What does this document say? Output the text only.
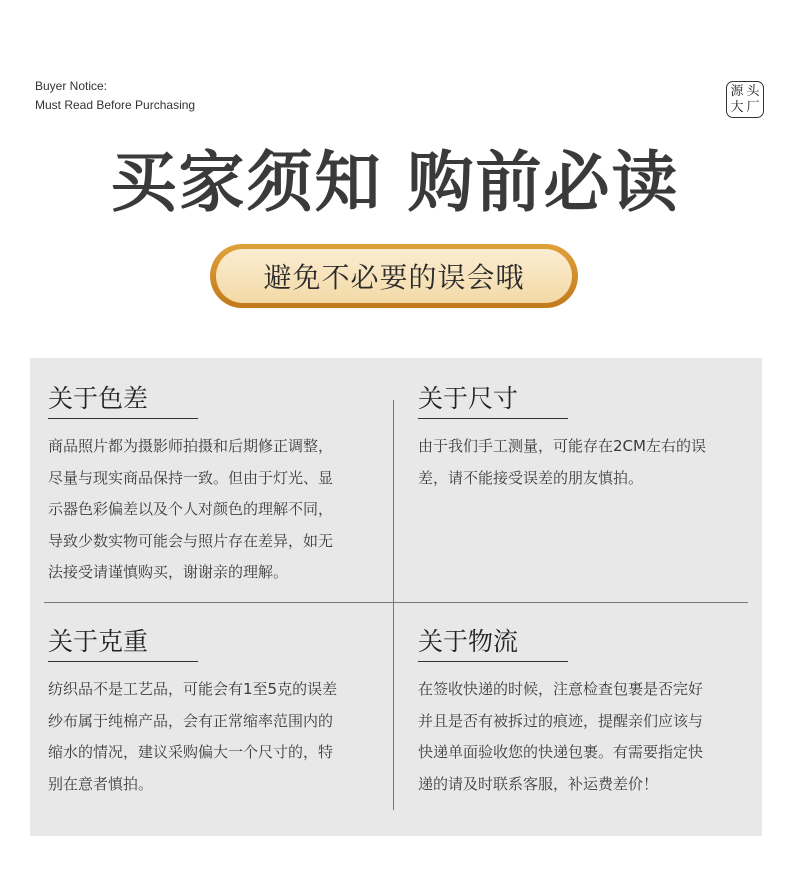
Buyer Notice:
Must Read Before Purchasing
源 头
大 厂
买家须知 购前必读
避免不必要的误会哦
关于色差

商品照片都为摄影师拍摄和后期修正调整，

尽量与现实商品保持一致。但由于灯光、显

示器色彩偏差以及个人对颜色的理解不同，

导致少数实物可能会与照片存在差异，如无

法接受请谨慎购买，谢谢亲的理解。

关于尺寸

由于我们手工测量，可能存在2CM左右的误

差，请不能接受误差的朋友慎拍。

关于克重

纺织品不是工艺品，可能会有1至5克的误差

纱布属于纯棉产品，会有正常缩率范围内的

缩水的情况，建议采购偏大一个尺寸的，特

别在意者慎拍。

关于物流

在签收快递的时候，注意检查包裹是否完好

并且是否有被拆过的痕迹，提醒亲们应该与

快递单面验收您的快递包裹。有需要指定快

递的请及时联系客服，补运费差价！
